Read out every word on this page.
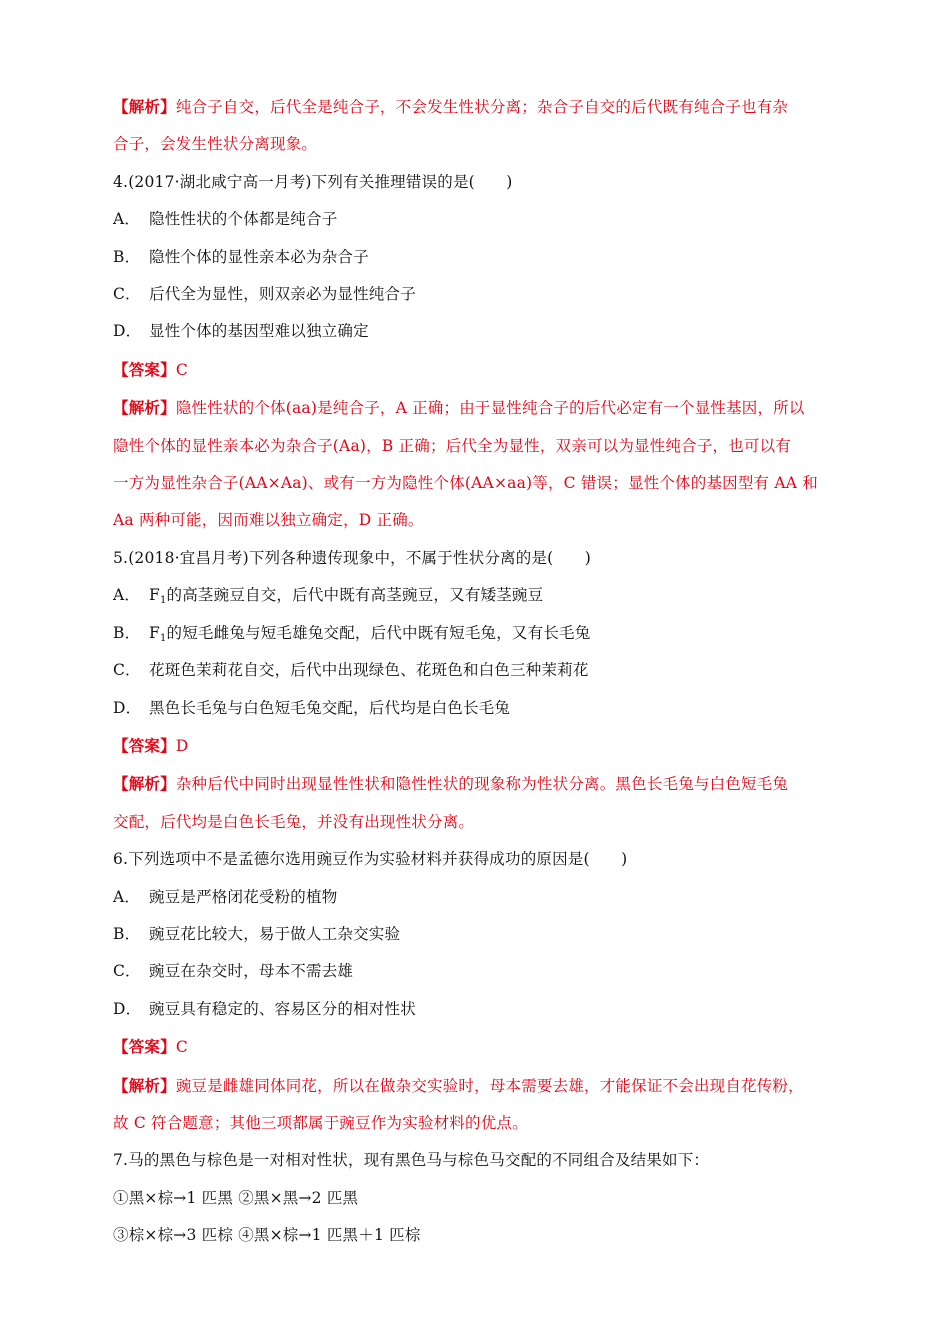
【解析】纯合子自交，后代全是纯合子，不会发生性状分离；杂合子自交的后代既有纯合子也有杂
合子，会发生性状分离现象。
4.(2017·湖北咸宁高一月考)下列有关推理错误的是(　　)
A． 隐性性状的个体都是纯合子
B． 隐性个体的显性亲本必为杂合子
C． 后代全为显性，则双亲必为显性纯合子
D． 显性个体的基因型难以独立确定
【答案】C
【解析】隐性性状的个体(aa)是纯合子，A 正确；由于显性纯合子的后代必定有一个显性基因，所以
隐性个体的显性亲本必为杂合子(Aa)，B 正确；后代全为显性，双亲可以为显性纯合子，也可以有
一方为显性杂合子(AA×Aa)、或有一方为隐性个体(AA×aa)等，C 错误；显性个体的基因型有 AA 和
Aa 两种可能，因而难以独立确定，D 正确。
5.(2018·宜昌月考)下列各种遗传现象中，不属于性状分离的是(　　)
A． $F_1$的高茎豌豆自交，后代中既有高茎豌豆，又有矮茎豌豆
B． $F_1$的短毛雌兔与短毛雄兔交配，后代中既有短毛兔，又有长毛兔
C． 花斑色茉莉花自交，后代中出现绿色、花斑色和白色三种茉莉花
D． 黑色长毛兔与白色短毛兔交配，后代均是白色长毛兔
【答案】D
【解析】杂种后代中同时出现显性性状和隐性性状的现象称为性状分离。黑色长毛兔与白色短毛兔
交配，后代均是白色长毛兔，并没有出现性状分离。
6.下列选项中不是孟德尔选用豌豆作为实验材料并获得成功的原因是(　　)
A． 豌豆是严格闭花受粉的植物
B． 豌豆花比较大，易于做人工杂交实验
C． 豌豆在杂交时，母本不需去雄
D． 豌豆具有稳定的、容易区分的相对性状
【答案】C
【解析】豌豆是雌雄同体同花，所以在做杂交实验时，母本需要去雄，才能保证不会出现自花传粉，
故 C 符合题意；其他三项都属于豌豆作为实验材料的优点。
7.马的黑色与棕色是一对相对性状，现有黑色马与棕色马交配的不同组合及结果如下：
①黑×棕→1 匹黑 ②黑×黑→2 匹黑
③棕×棕→3 匹棕 ④黑×棕→1 匹黑＋1 匹棕
